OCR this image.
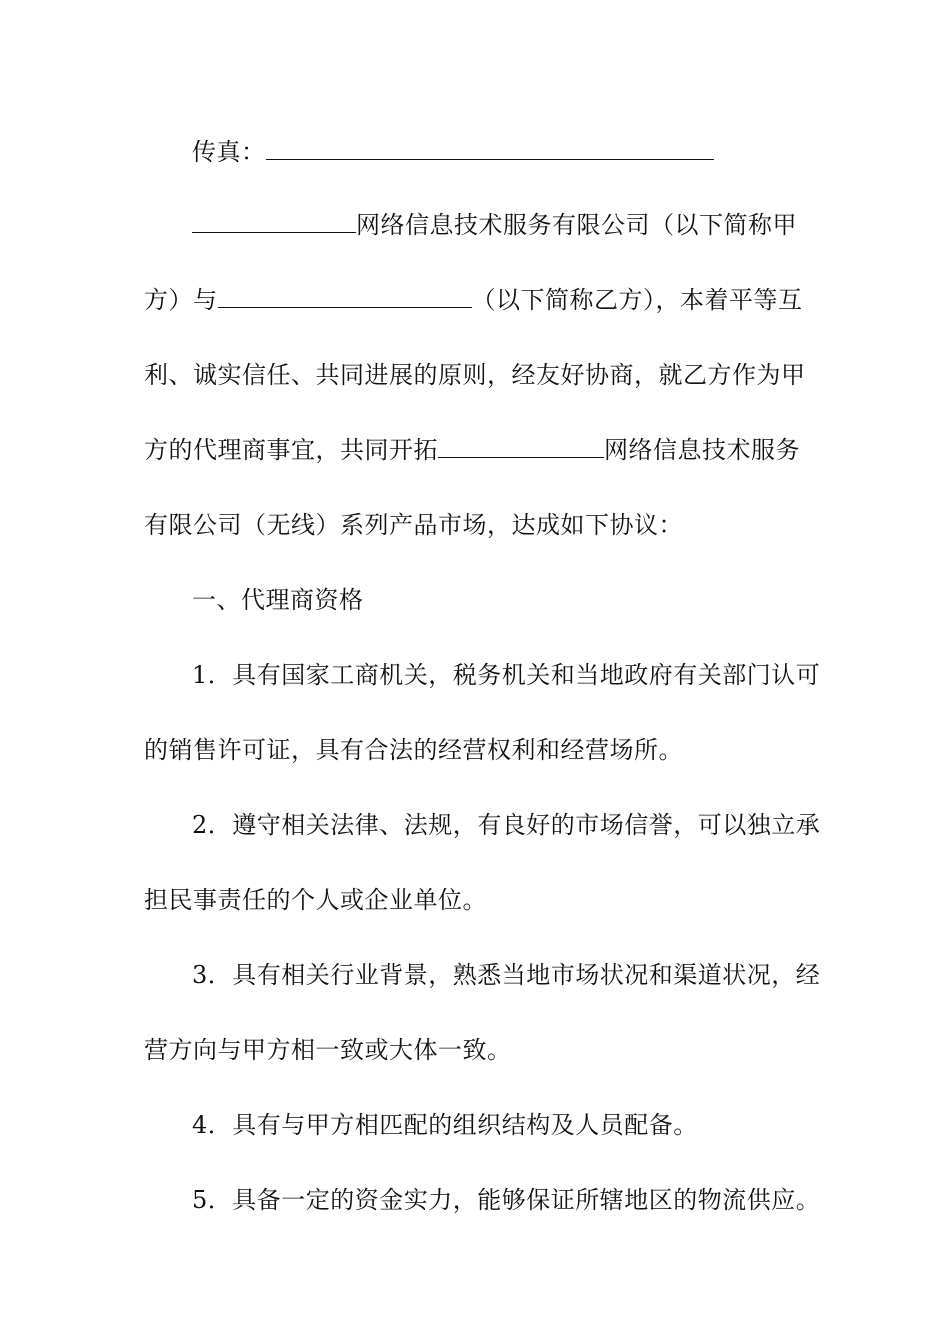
传真：
网络信息技术服务有限公司（以下简称甲
方）与	（以下简称乙方），本着平等互
利、诚实信任、共同进展的原则，经友好协商，就乙方作为甲
方的代理商事宜，共同开拓	网络信息技术服务
有限公司（无线）系列产品市场，达成如下协议：
一、代理商资格
1．具有国家工商机关，税务机关和当地政府有关部门认可
的销售许可证，具有合法的经营权利和经营场所。
2．遵守相关法律、法规，有良好的市场信誉，可以独立承
担民事责任的个人或企业单位。
3．具有相关行业背景，熟悉当地市场状况和渠道状况，经
营方向与甲方相一致或大体一致。
4．具有与甲方相匹配的组织结构及人员配备。
5．具备一定的资金实力，能够保证所辖地区的物流供应。
